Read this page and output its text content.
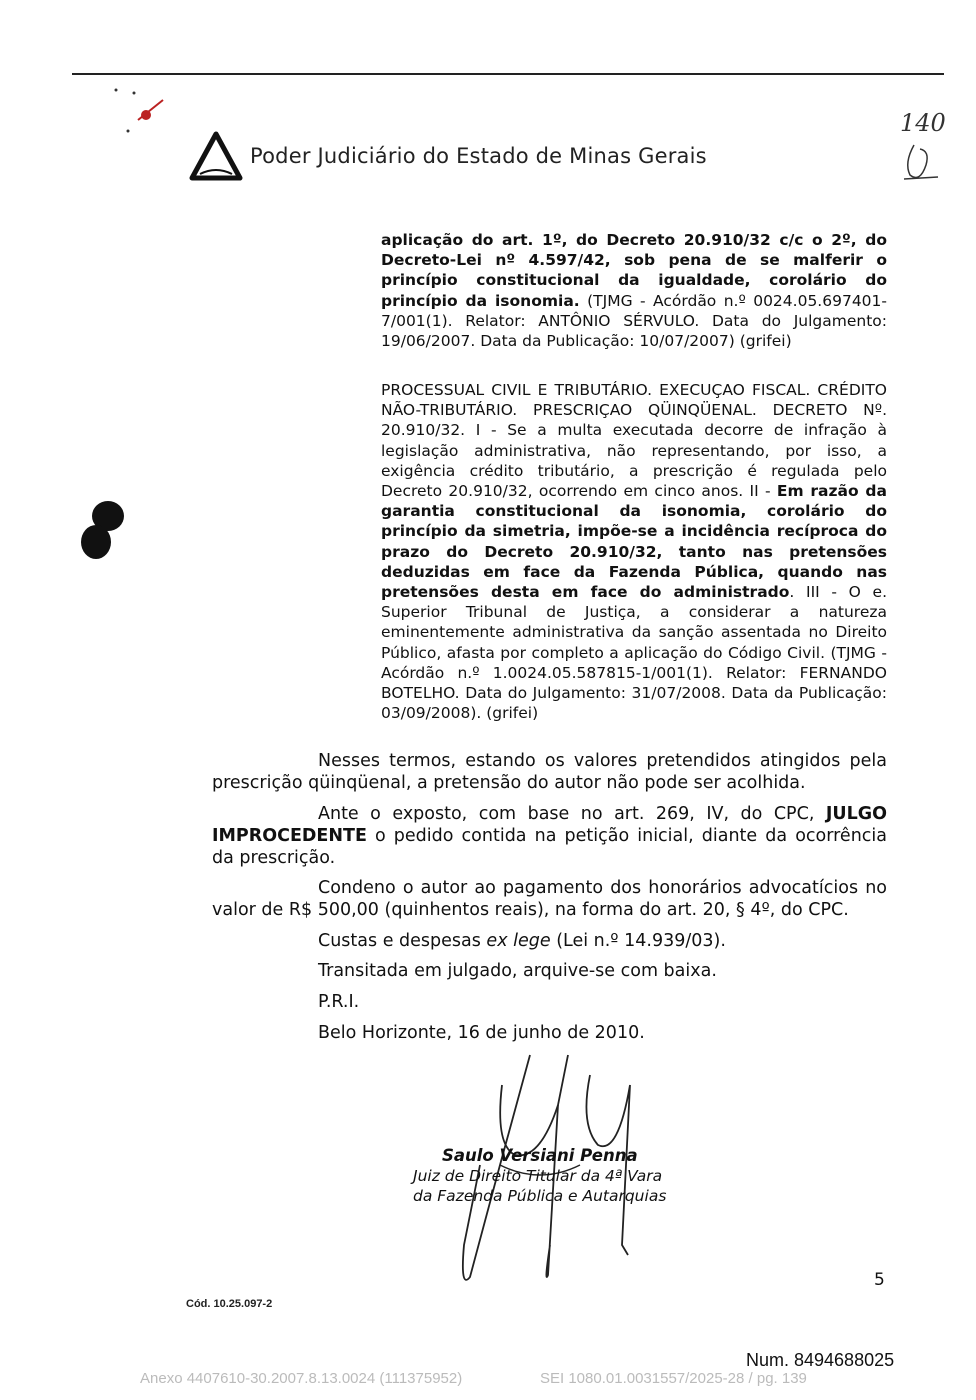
Poder Judiciário do Estado de Minas Gerais
140

aplicação do art. 1º, do Decreto 20.910/32 c/c o 2º, do Decreto-Lei nº 4.597/42, sob pena de se malferir o princípio constitucional da igualdade, corolário do princípio da isonomia. (TJMG - Acórdão n.º 0024.05.697401-7/001(1). Relator: ANTÔNIO SÉRVULO. Data do Julgamento: 19/06/2007. Data da Publicação: 10/07/2007) (grifei)

PROCESSUAL CIVIL E TRIBUTÁRIO. EXECUÇAO FISCAL. CRÉDITO NÃO-TRIBUTÁRIO. PRESCRIÇAO QÜINQÜENAL. DECRETO Nº. 20.910/32. I - Se a multa executada decorre de infração à legislação administrativa, não representando, por isso, a exigência crédito tributário, a prescrição é regulada pelo Decreto 20.910/32, ocorrendo em cinco anos. II - Em razão da garantia constitucional da isonomia, corolário do princípio da simetria, impõe-se a incidência recíproca do prazo do Decreto 20.910/32, tanto nas pretensões deduzidas em face da Fazenda Pública, quando nas pretensões desta em face do administrado. III - O e. Superior Tribunal de Justiça, a considerar a natureza eminentemente administrativa da sanção assentada no Direito Público, afasta por completo a aplicação do Código Civil. (TJMG - Acórdão n.º 1.0024.05.587815-1/001(1). Relator: FERNANDO BOTELHO. Data do Julgamento: 31/07/2008. Data da Publicação: 03/09/2008). (grifei)

Nesses termos, estando os valores pretendidos atingidos pela prescrição qüinqüenal, a pretensão do autor não pode ser acolhida.

Ante o exposto, com base no art. 269, IV, do CPC, JULGO IMPROCEDENTE o pedido contida na petição inicial, diante da ocorrência da prescrição.

Condeno o autor ao pagamento dos honorários advocatícios no valor de R$ 500,00 (quinhentos reais), na forma do art. 20, § 4º, do CPC.

Custas e despesas ex lege (Lei n.º 14.939/03).
Transitada em julgado, arquive-se com baixa.
P.R.I.
Belo Horizonte, 16 de junho de 2010.
Saulo Versiani Penna
Juiz de Direito Titular da 4ª Vara
da Fazenda Pública e Autarquias
5
Cód. 10.25.097-2
Num. 8494688025
Anexo 4407610-30.2007.8.13.0024 (111375952)	SEI 1080.01.0031557/2025-28 / pg. 139
